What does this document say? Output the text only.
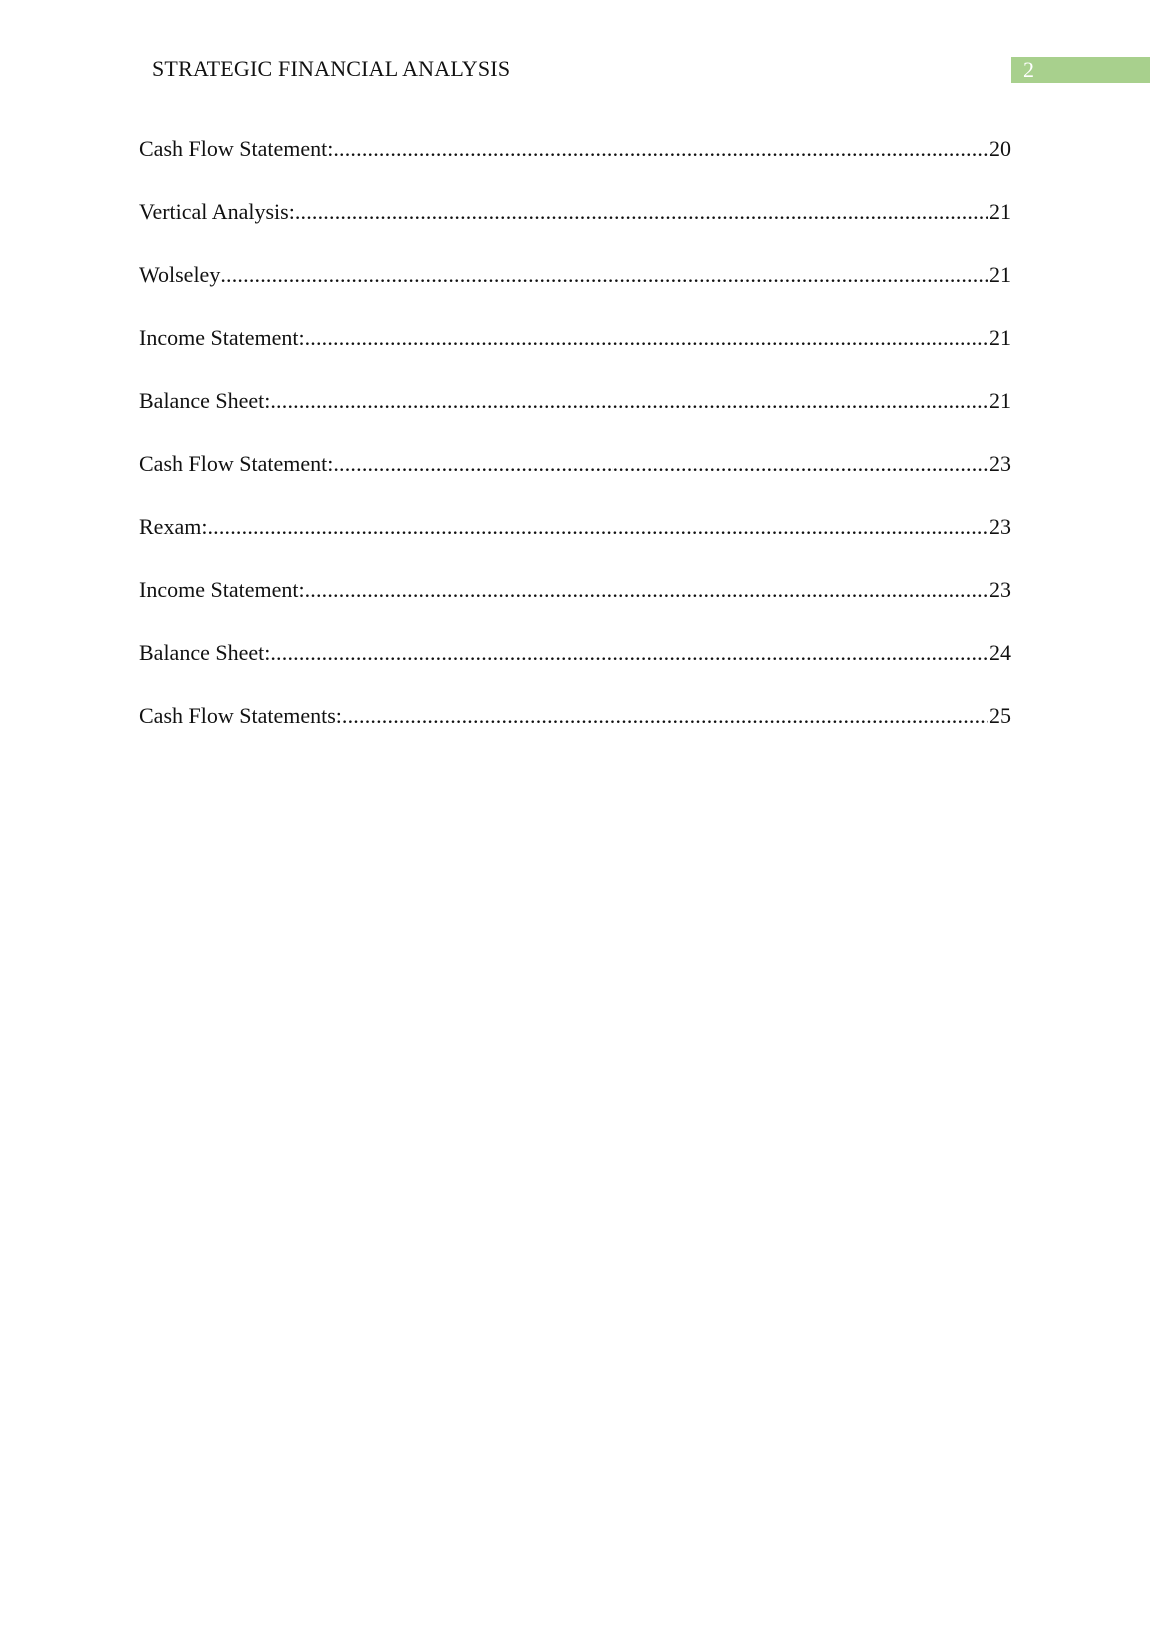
STRATEGIC FINANCIAL ANALYSIS	2
Cash Flow Statement: .....	20
Vertical Analysis: .....	21
Wolseley .....	21
Income Statement: .....	21
Balance Sheet: .....	21
Cash Flow Statement: .....	23
Rexam: .....	23
Income Statement: .....	23
Balance Sheet: .....	24
Cash Flow Statements: .....	25
